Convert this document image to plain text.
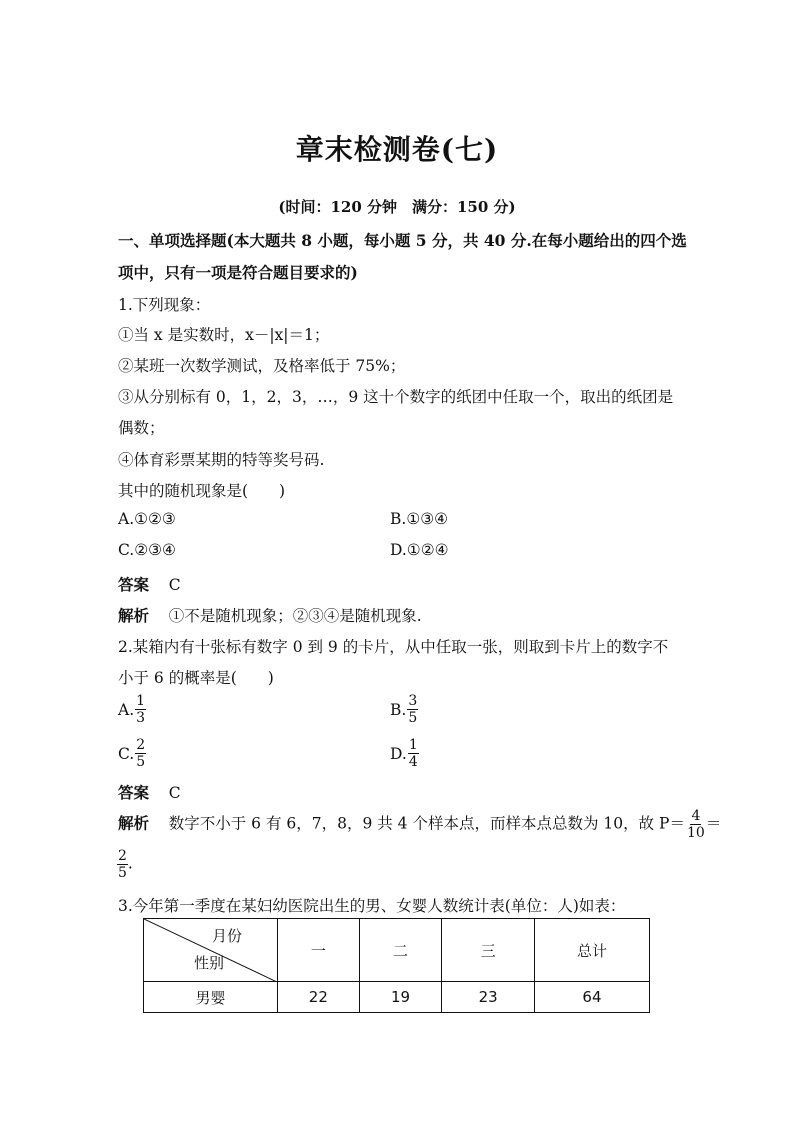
章末检测卷(七)
(时间：120 分钟　满分：150 分)
一、单项选择题(本大题共 8 小题，每小题 5 分，共 40 分.在每小题给出的四个选
项中，只有一项是符合题目要求的)
1.下列现象：
①当 x 是实数时，x－|x|＝1；
②某班一次数学测试，及格率低于 75%；
③从分别标有 0，1，2，3，…，9 这十个数字的纸团中任取一个，取出的纸团是
偶数；
④体育彩票某期的特等奖号码.
其中的随机现象是(　　)
A.①②③	B.①③④
C.②③④	D.①②④
答案 C
解析 ①不是随机现象；②③④是随机现象.
2.某箱内有十张标有数字 0 到 9 的卡片，从中任取一张，则取到卡片上的数字不
小于 6 的概率是(　　)
A. $\frac{1}{3}$	B. $\frac{3}{5}$
C. $\frac{2}{5}$	D. $\frac{1}{4}$
答案 C
解析 数字不小于 6 有 6，7，8，9 共 4 个样本点，而样本点总数为 10，故 $P= \frac{4}{10}$ ＝
$\frac{2}{5}$ .
3.今年第一季度在某妇幼医院出生的男、女婴人数统计表(单位：人)如表：
月份
性别	一	二	三	总计
男婴	22	19	23	64
